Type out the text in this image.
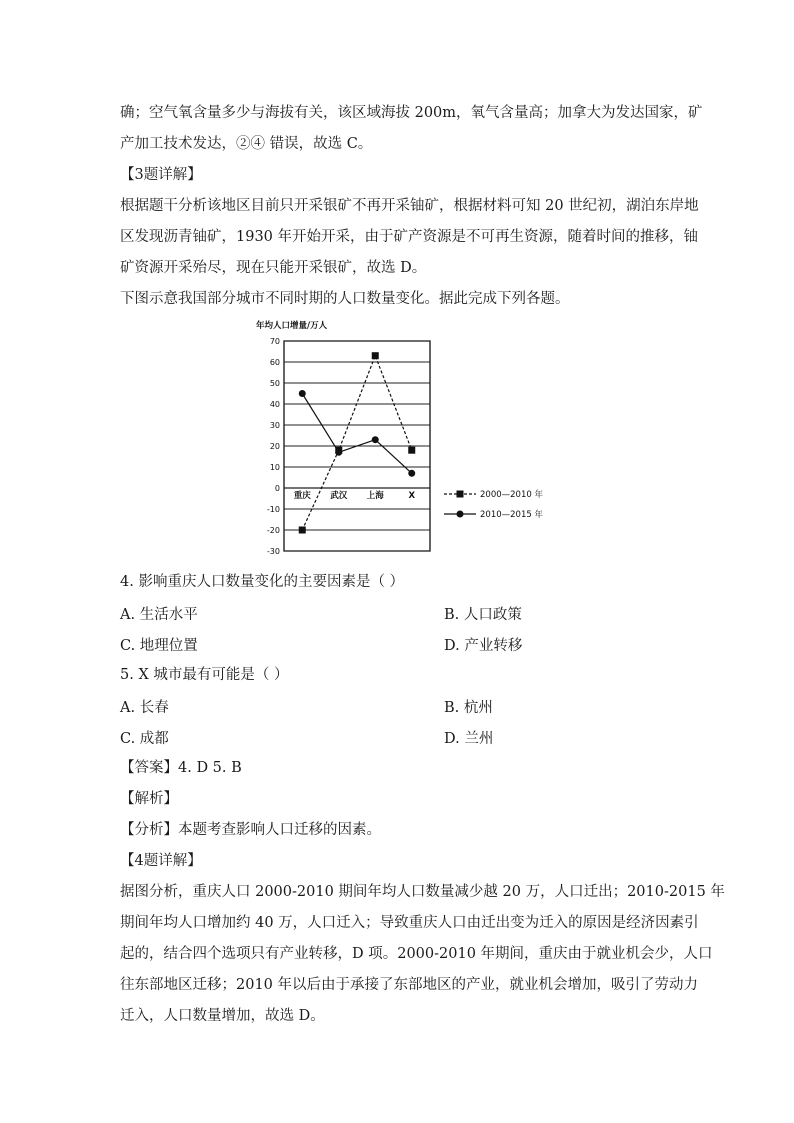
确；空气氧含量多少与海拔有关，该区域海拔 200m，氧气含量高；加拿大为发达国家，矿
产加工技术发达，②④ 错误，故选 C。
【3题详解】
根据题干分析该地区目前只开采银矿不再开采铀矿，根据材料可知 20 世纪初，湖泊东岸地
区发现沥青铀矿，1930 年开始开采，由于矿产资源是不可再生资源，随着时间的推移，铀
矿资源开采殆尽，现在只能开采银矿，故选 D。
下图示意我国部分城市不同时期的人口数量变化。据此完成下列各题。
年均人口增量/万人
70
60
50
40
30
20
10
0
-10
-20
-30
重庆 武汉 上海	X	2000—2010 年
2010—2015 年
4. 影响重庆人口数量变化的主要因素是（ ）
A. 生活水平	B. 人口政策
C. 地理位置	D. 产业转移
5. X 城市最有可能是（ ）
A. 长春	B. 杭州
C. 成都	D. 兰州
【答案】4. D 5. B
【解析】
【分析】本题考查影响人口迁移的因素。
【4题详解】
据图分析，重庆人口 2000-2010 期间年均人口数量减少越 20 万，人口迁出；2010-2015 年
期间年均人口增加约 40 万，人口迁入；导致重庆人口由迁出变为迁入的原因是经济因素引
起的，结合四个选项只有产业转移，D 项。2000-2010 年期间，重庆由于就业机会少，人口
往东部地区迁移；2010 年以后由于承接了东部地区的产业，就业机会增加，吸引了劳动力
迁入，人口数量增加，故选 D。
